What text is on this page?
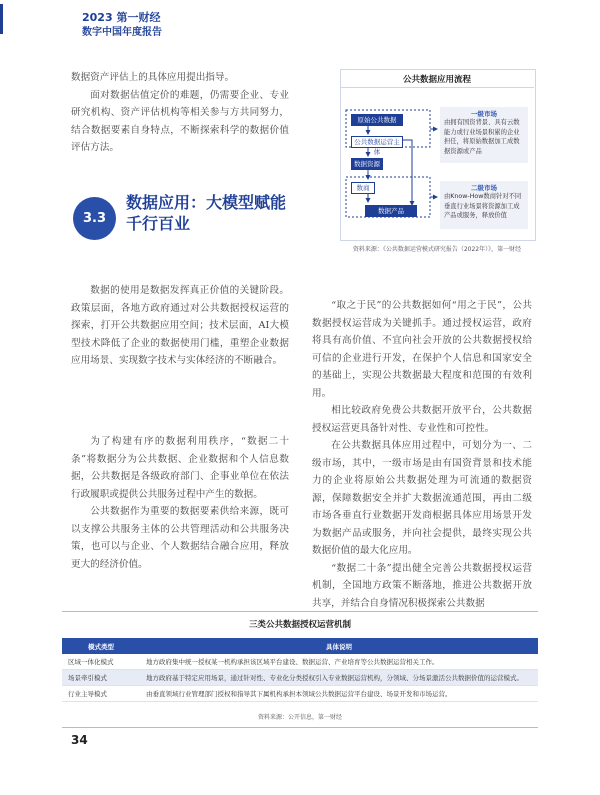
2023 第一财经
数字中国年度报告

数据资产评估上的具体应用提出指导。

面对数据估值定价的难题，仍需要企业、专业研究机构、资产评估机构等相关参与方共同努力，结合数据要素自身特点，不断探索科学的数据价值评估方法。

3.3
数据应用：大模型赋能千行百业

数据的使用是数据发挥真正价值的关键阶段。政策层面，各地方政府通过对公共数据授权运营的探索，打开公共数据应用空间；技术层面，AI大模型技术降低了企业的数据使用门槛，重塑企业数据应用场景、实现数字技术与实体经济的不断融合。

为了构建有序的数据利用秩序，“数据二十条”将数据分为公共数据、企业数据和个人信息数据，公共数据是各级政府部门、企事业单位在依法行政履职或提供公共服务过程中产生的数据。

公共数据作为重要的数据要素供给来源，既可以支撑公共服务主体的公共管理活动和公共服务决策，也可以与企业、个人数据结合融合应用，释放更大的经济价值。

公共数据应用流程
原始公共数据
公共数据运营主体
数据资源
数商
数据产品
一级市场
由拥有国资背景、具有云数能力或行业场景积累的企业担任，将原始数据加工成数据资源或产品
二级市场
由Know-How数商针对不同垂直行业场景将资源加工成产品或服务，释放价值
资料来源：《公共数据运营模式研究报告（2022年）》，第一财经

“取之于民”的公共数据如何“用之于民”，公共数据授权运营成为关键抓手。通过授权运营，政府将具有高价值、不宜向社会开放的公共数据授权给可信的企业进行开发，在保护个人信息和国家安全的基础上，实现公共数据最大程度和范围的有效利用。

相比较政府免费公共数据开放平台，公共数据授权运营更具备针对性、专业性和可控性。

在公共数据具体应用过程中，可划分为一、二级市场，其中，一级市场是由有国资背景和技术能力的企业将原始公共数据处理为可流通的数据资源，保障数据安全并扩大数据流通范围，再由二级市场各垂直行业数据开发商根据具体应用场景开发为数据产品或服务，并向社会提供，最终实现公共数据价值的最大化应用。

“数据二十条”提出健全完善公共数据授权运营机制，全国地方政策不断落地，推进公共数据开放共享，并结合自身情况积极探索公共数据

三类公共数据授权运营机制
模式类型	具体说明
区域一体化模式	地方政府集中统一授权某一机构承担该区域平台建设、数据运营、产业培育等公共数据运营相关工作。
场景牵引模式	地方政府基于特定应用场景，通过针对性、专业化分类授权引入专业数据运营机构，分领域、分场景激活公共数据价值的运营模式。
行业主导模式	由垂直领域行业管理部门授权和指导其下属机构承担本领域公共数据运营平台建设、场景开发和市场运营。
资料来源：公开信息，第一财经
34
